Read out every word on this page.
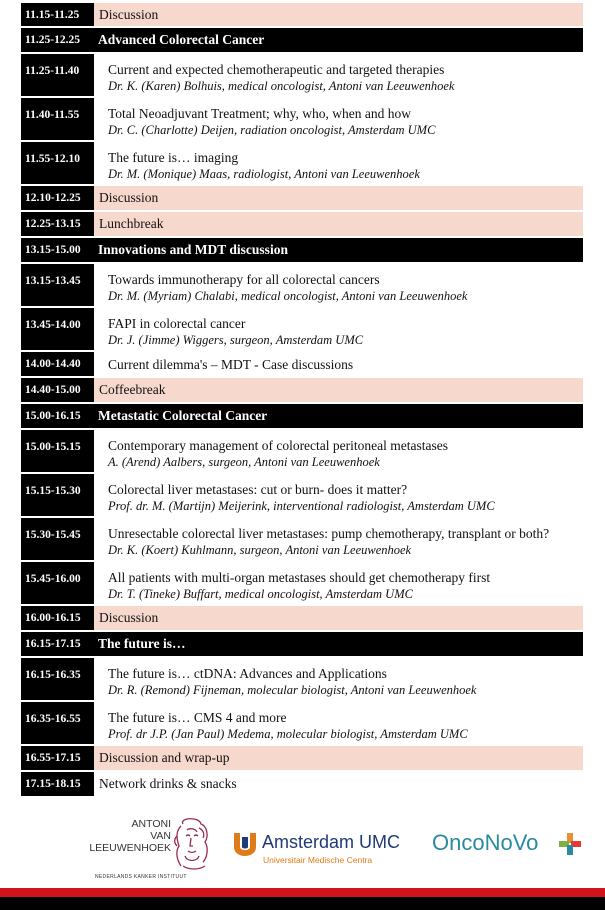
11.15-11.25	Discussion
11.25-12.25	Advanced Colorectal Cancer
11.25-11.40	Current and expected chemotherapeutic and targeted therapies
Dr. K. (Karen) Bolhuis, medical oncologist, Antoni van Leeuwenhoek
11.40-11.55	Total Neoadjuvant Treatment; why, who, when and how
Dr. C. (Charlotte) Deijen, radiation oncologist, Amsterdam UMC
11.55-12.10	The future is… imaging
Dr. M. (Monique) Maas, radiologist, Antoni van Leeuwenhoek
12.10-12.25	Discussion
12.25-13.15	Lunchbreak
13.15-15.00	Innovations and MDT discussion
13.15-13.45	Towards immunotherapy for all colorectal cancers
Dr. M. (Myriam) Chalabi, medical oncologist, Antoni van Leeuwenhoek
13.45-14.00	FAPI in colorectal cancer
Dr. J. (Jimme) Wiggers, surgeon, Amsterdam UMC
14.00-14.40	Current dilemma's – MDT - Case discussions
14.40-15.00	Coffeebreak
15.00-16.15	Metastatic Colorectal Cancer
15.00-15.15	Contemporary management of colorectal peritoneal metastases
A. (Arend) Aalbers, surgeon, Antoni van Leeuwenhoek
15.15-15.30	Colorectal liver metastases: cut or burn- does it matter?
Prof. dr. M. (Martijn) Meijerink, interventional radiologist, Amsterdam UMC
15.30-15.45	Unresectable colorectal liver metastases: pump chemotherapy, transplant or both?
Dr. K. (Koert) Kuhlmann, surgeon, Antoni van Leeuwenhoek
15.45-16.00	All patients with multi-organ metastases should get chemotherapy first
Dr. T. (Tineke) Buffart, medical oncologist, Amsterdam UMC
16.00-16.15	Discussion
16.15-17.15	The future is…
16.15-16.35	The future is… ctDNA: Advances and Applications
Dr. R. (Remond) Fijneman, molecular biologist, Antoni van Leeuwenhoek
16.35-16.55	The future is… CMS 4 and more
Prof. dr J.P. (Jan Paul) Medema, molecular biologist, Amsterdam UMC
16.55-17.15	Discussion and wrap-up
17.15-18.15	Network drinks & snacks
ANTONI
VAN
LEEUWENHOEK
NEDERLANDS KANKER INSTITUUT
Amsterdam UMC
Universitair Medische Centra
OncoNoVo
